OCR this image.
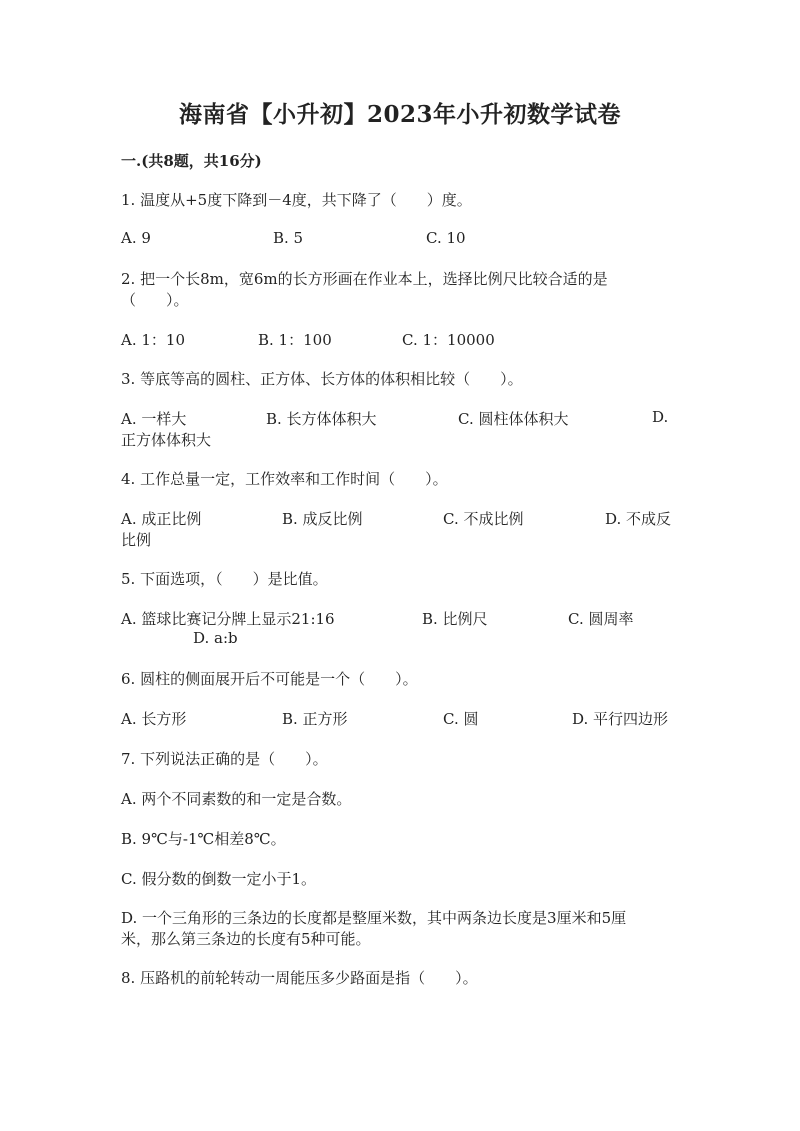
海南省【小升初】2023年小升初数学试卷
一.(共8题，共16分)
1. 温度从+5度下降到－4度，共下降了（　　）度。
A. 9	B. 5	C. 10
2. 把一个长8m，宽6m的长方形画在作业本上，选择比例尺比较合适的是
（　　）。
A. 1：10	B. 1：100	C. 1：10000
3. 等底等高的圆柱、正方体、长方体的体积相比较（　　）。
A. 一样大	B. 长方体体积大	C. 圆柱体体积大	D.
正方体体积大
4. 工作总量一定，工作效率和工作时间（　　）。
A. 成正比例	B. 成反比例	C. 不成比例	D. 不成反
比例
5. 下面选项，（　　）是比值。
A. 篮球比赛记分牌上显示21:16	B. 比例尺	C. 圆周率
D. a:b
6. 圆柱的侧面展开后不可能是一个（　　）。
A. 长方形	B. 正方形	C. 圆	D. 平行四边形
7. 下列说法正确的是（　　）。
A. 两个不同素数的和一定是合数。
B. 9℃与-1℃相差8℃。
C. 假分数的倒数一定小于1。
D. 一个三角形的三条边的长度都是整厘米数，其中两条边长度是3厘米和5厘
米，那么第三条边的长度有5种可能。
8. 压路机的前轮转动一周能压多少路面是指（　　）。
